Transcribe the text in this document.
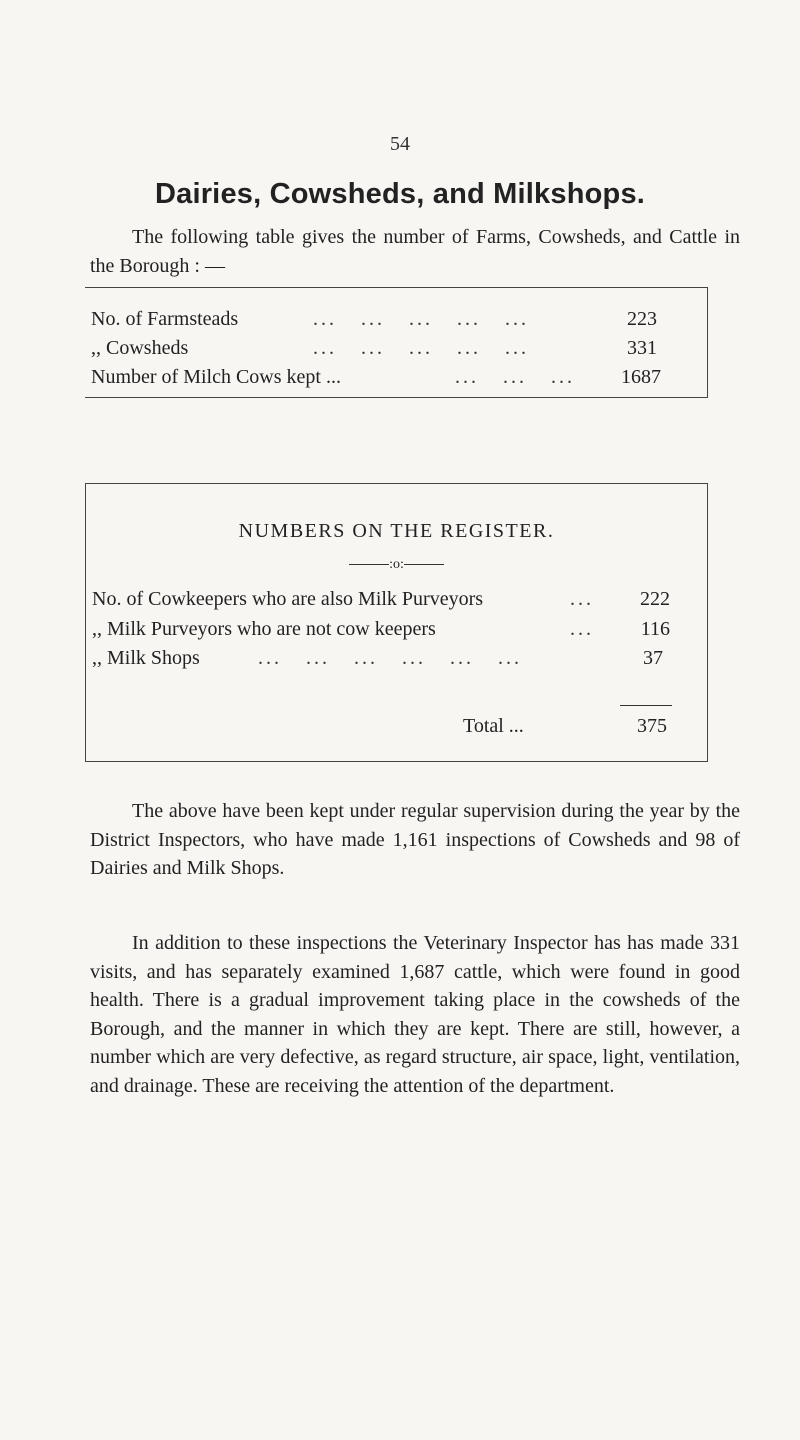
54
Dairies, Cowsheds, and Milkshops.

The following table gives the number of Farms, Cowsheds, and Cattle in the Borough : —

No. of Farmsteads	...   ...   ...   ...   ...	223
,, Cowsheds	...   ...   ...   ...   ...	331
Number of Milch Cows kept ...	...   ...   ... 1687
NUMBERS ON THE REGISTER.
:o:
No. of Cowkeepers who are also Milk Purveyors	... 222
,, Milk Purveyors who are not cow keepers	... 116
,, Milk Shops	...   ...   ...   ...   ...   ...	37
Total ...	375

The above have been kept under regular supervision during the year by the District Inspectors, who have made 1,161 inspections of Cowsheds and 98 of Dairies and Milk Shops.

In addition to these inspections the Veterinary Inspector has has made 331 visits, and has separately examined 1,687 cattle, which were found in good health. There is a gradual improvement taking place in the cowsheds of the Borough, and the manner in which they are kept. There are still, however, a number which are very defective, as regard structure, air space, light, ventilation, and drainage. These are receiving the attention of the department.
